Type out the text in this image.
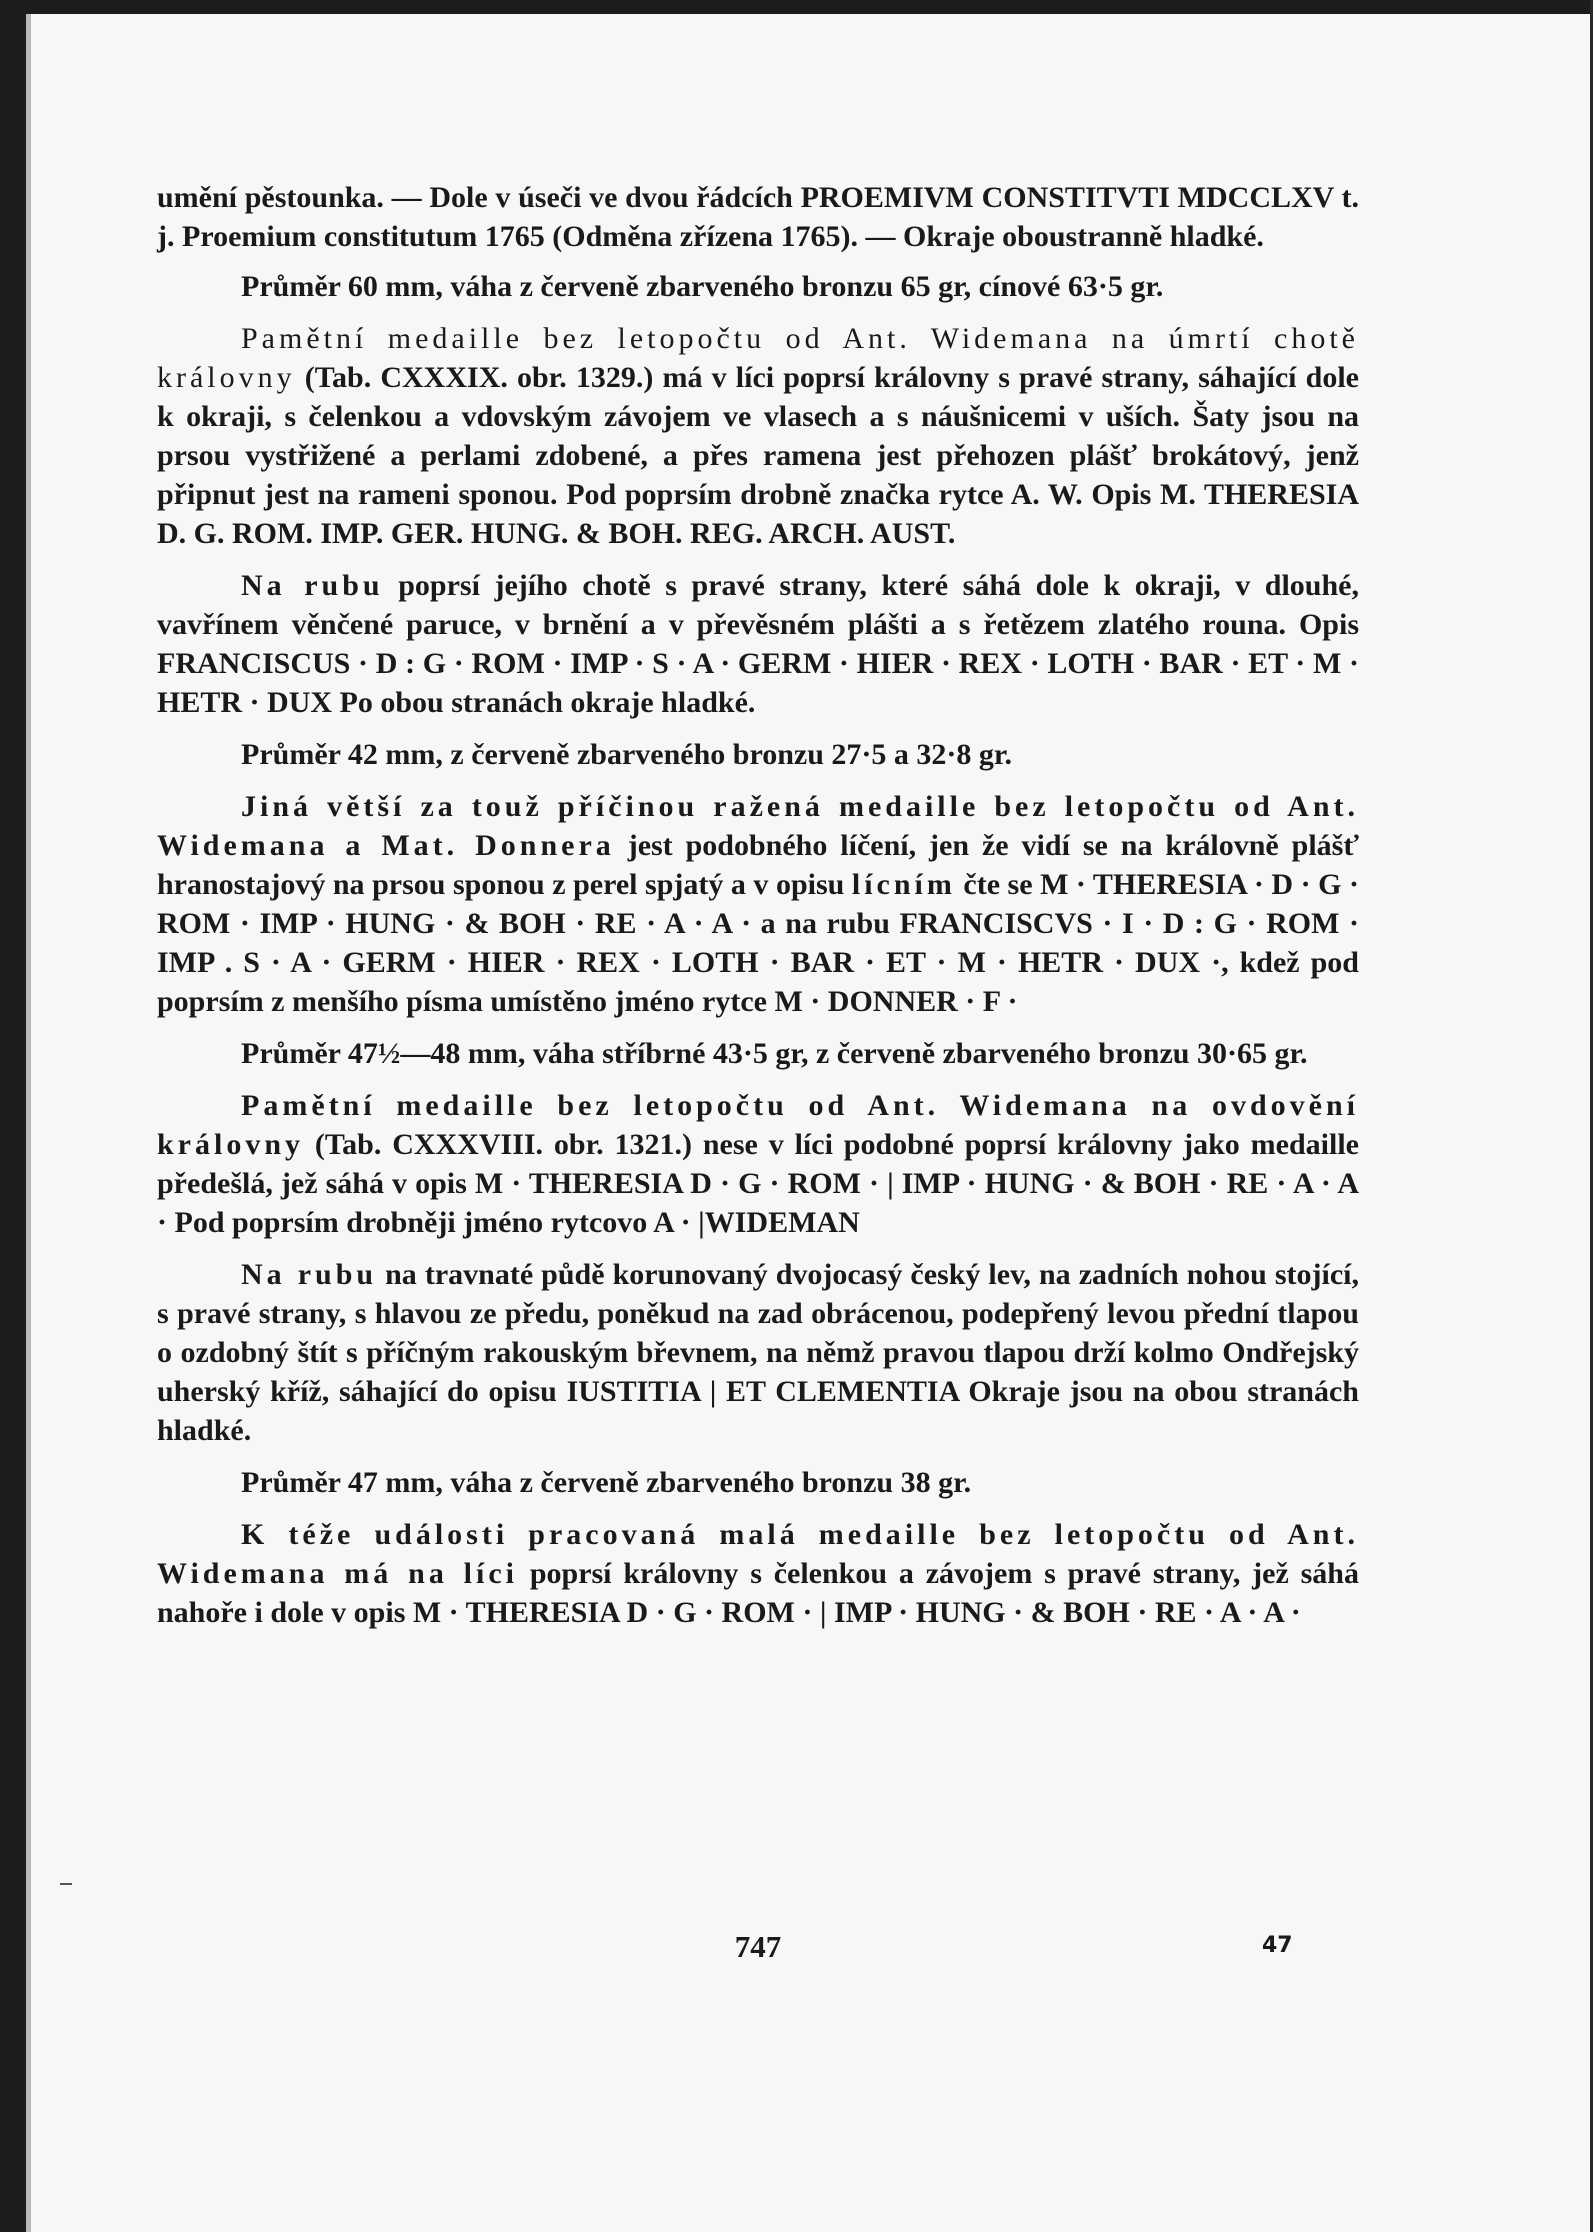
umění pěstounka. — Dole v úseči ve dvou řádcích PROEMIVM CONSTITVTI MDCCLXV t. j. Proemium constitutum 1765 (Odměna zřízena 1765). — Okraje oboustranně hladké.

Průměr 60 mm, váha z červeně zbarveného bronzu 65 gr, cínové 63·5 gr.

Pamětní medaille bez letopočtu od Ant. Widemana na úmrtí chotě královny (Tab. CXXXIX. obr. 1329.) má v líci poprsí královny s pravé strany, sáhající dole k okraji, s čelenkou a vdovským závojem ve vlasech a s náušnicemi v uších. Šaty jsou na prsou vystřižené a perlami zdobené, a přes ramena jest přehozen plášť brokátový, jenž připnut jest na rameni sponou. Pod poprsím drobně značka rytce A. W. Opis M. THERESIA D. G. ROM. IMP. GER. HUNG. & BOH. REG. ARCH. AUST.

Na rubu poprsí jejího chotě s pravé strany, které sáhá dole k okraji, v dlouhé, vavřínem věnčené paruce, v brnění a v převěsném plášti a s řetězem zlatého rouna. Opis FRANCISCUS · D : G · ROM · IMP · S · A · GERM · HIER · REX · LOTH · BAR · ET · M · HETR · DUX Po obou stranách okraje hladké.

Průměr 42 mm, z červeně zbarveného bronzu 27·5 a 32·8 gr.

Jiná větší za touž příčinou ražená medaille bez letopočtu od Ant. Widemana a Mat. Donnera jest podobného líčení, jen že vidí se na královně plášť hranostajový na prsou sponou z perel spjatý a v opisu lícním čte se M · THERESIA · D · G · ROM · IMP · HUNG · & BOH · RE · A · A · a na rubu FRANCISCVS · I · D : G · ROM · IMP . S · A · GERM · HIER · REX · LOTH · BAR · ET · M · HETR · DUX ·, kdež pod poprsím z menšího písma umístěno jméno rytce M · DONNER · F ·

Průměr 47½—48 mm, váha stříbrné 43·5 gr, z červeně zbarveného bronzu 30·65 gr.

Pamětní medaille bez letopočtu od Ant. Widemana na ovdovění královny (Tab. CXXXVIII. obr. 1321.) nese v líci podobné poprsí královny jako medaille předešlá, jež sáhá v opis M · THERESIA D · G · ROM · | IMP · HUNG · & BOH · RE · A · A · Pod poprsím drobněji jméno rytcovo A · |WIDEMAN

Na rubu na travnaté půdě korunovaný dvojocasý český lev, na zadních nohou stojící, s pravé strany, s hlavou ze předu, poněkud na zad obrácenou, podepřený levou přední tlapou o ozdobný štít s příčným rakouským břevnem, na němž pravou tlapou drží kolmo Ondřejský uherský kříž, sáhající do opisu IUSTITIA | ET CLEMENTIA Okraje jsou na obou stranách hladké.

Průměr 47 mm, váha z červeně zbarveného bronzu 38 gr.

K téže události pracovaná malá medaille bez letopočtu od Ant. Widemana má na líci poprsí královny s čelenkou a závojem s pravé strany, jež sáhá nahoře i dole v opis M · THERESIA D · G · ROM · | IMP · HUNG · & BOH · RE · A · A ·

747	47
